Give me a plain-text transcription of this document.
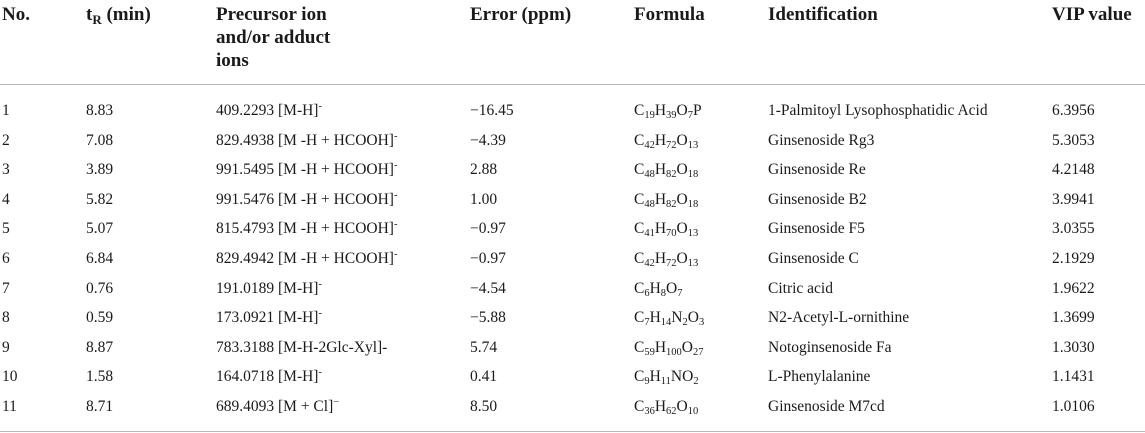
No.	$t_R$ (min)	Precursor ion
and/or adduct
ions
Error (ppm)	Formula	Identification	VIP value
1	8.83	409.2293 [M-H]-	−16.45	$C_{19}H_{39}O_7P$	1-Palmitoyl Lysophosphatidic Acid	6.3956
2	7.08	829.4938 [M -H + HCOOH]-	−4.39	$C_{42}H_{72}O_{13}$	Ginsenoside Rg3	5.3053
3	3.89	991.5495 [M -H + HCOOH]-	2.88	$C_{48}H_{82}O_{18}$	Ginsenoside Re	4.2148
4	5.82	991.5476 [M -H + HCOOH]-	1.00	$C_{48}H_{82}O_{18}$	Ginsenoside B2	3.9941
5	5.07	815.4793 [M -H + HCOOH]-	−0.97	$C_{41}H_{70}O_{13}$	Ginsenoside F5	3.0355
6	6.84	829.4942 [M -H + HCOOH]-	−0.97	$C_{42}H_{72}O_{13}$	Ginsenoside C	2.1929
7	0.76	191.0189 [M-H]-	−4.54	$C_6H_8O_7$	Citric acid	1.9622
8	0.59	173.0921 [M-H]-	−5.88	$C_7H_{14}N_2O_3$	N2-Acetyl-L-ornithine	1.3699
9	8.87	783.3188 [M-H-2Glc-Xyl]-	5.74	$C_{59}H_{100}O_{27}$	Notoginsenoside Fa	1.3030
10	1.58	164.0718 [M-H]-	0.41	$C_9H_{11}NO_2$	L-Phenylalanine	1.1431
11	8.71	689.4093 [M + Cl]−	8.50	$C_{36}H_{62}O_{10}$	Ginsenoside M7cd	1.0106
